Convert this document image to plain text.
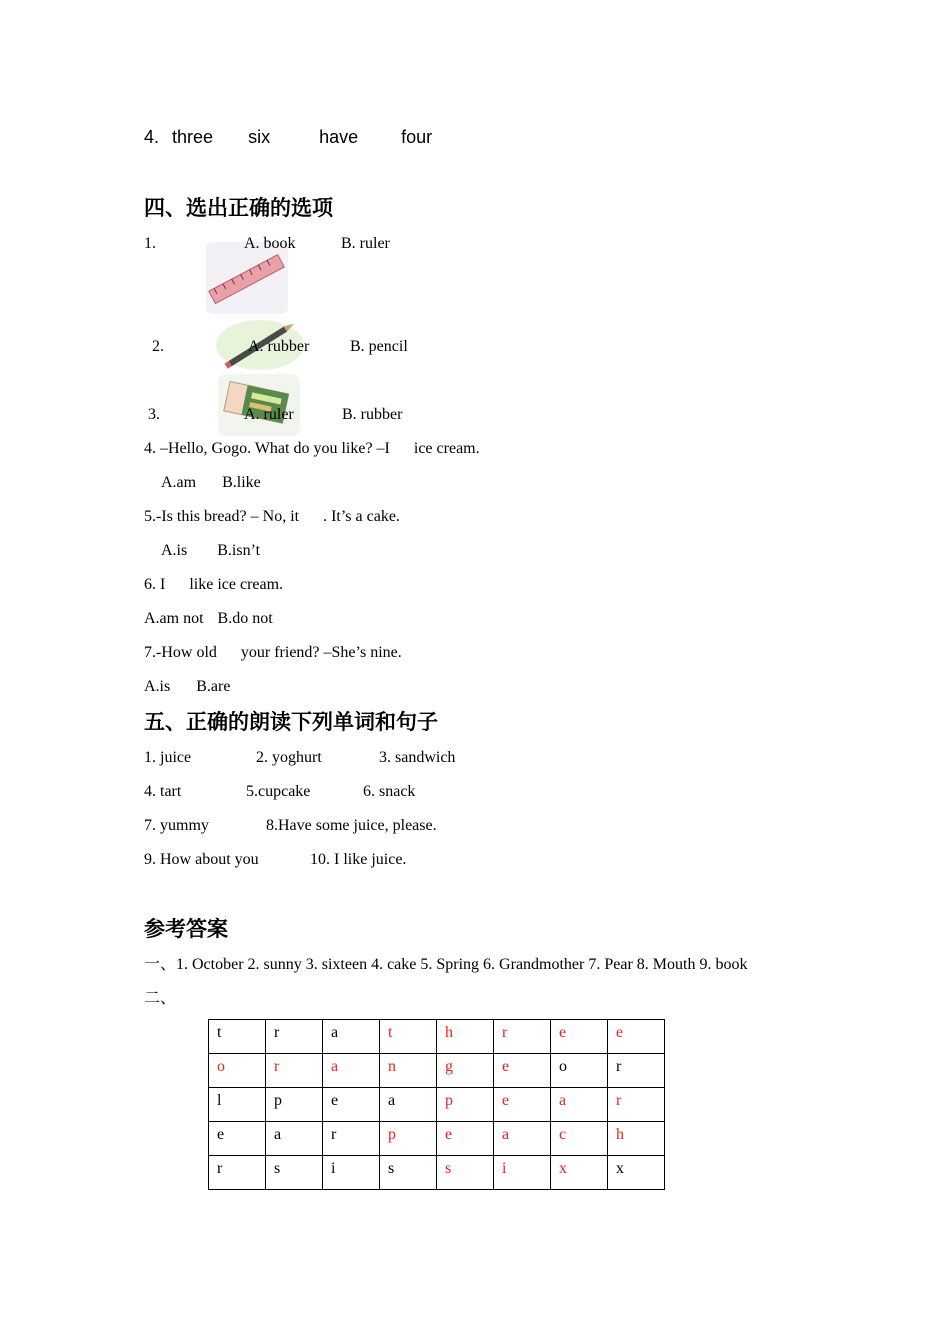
4. three six	have four
四、选出正确的选项
1.	A. book	B. ruler
2.	A. rubber	B. pencil
3.	A. ruler	B. rubber
4. –Hello, Gogo. What do you like? –I      ice cream.
A.am B.like
5.-Is this bread? – No, it      . It’s a cake.
A.is B.isn’t
6. I      like ice cream.
A.am not B.do not
7.-How old      your friend? –She’s nine.
A.is B.are
五、正确的朗读下列单词和句子
1. juice	2. yoghurt	3. sandwich
4. tart	5.cupcake	6. snack
7. yummy	8.Have some juice, please.
9. How about you	10. I like juice.
参考答案
一、1. October 2. sunny 3. sixteen 4. cake 5. Spring 6. Grandmother 7. Pear 8. Mouth 9. book
二、
t	r	a	t	h	r	e	e
o	r	a	n	g	e	o	r
l	p	e	a	p	e	a	r
e	a	r	p	e	a	c	h
r	s	i	s	s	i	x	x
